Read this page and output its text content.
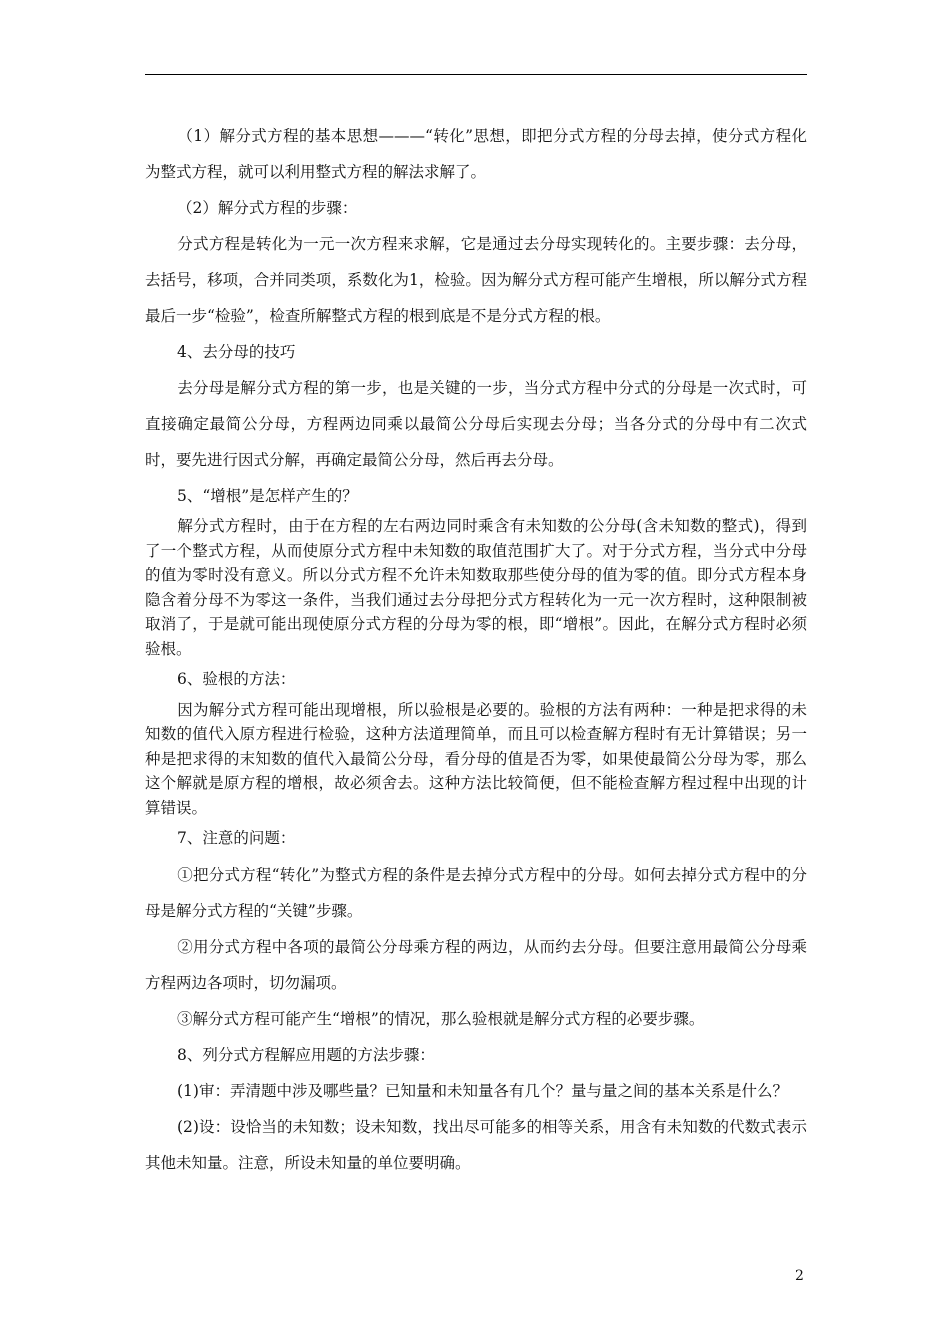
（1）解分式方程的基本思想———“转化”思想，即把分式方程的分母去掉，使分式方程化为整式方程，就可以利用整式方程的解法求解了。

（2）解分式方程的步骤：

分式方程是转化为一元一次方程来求解，它是通过去分母实现转化的。主要步骤：去分母，去括号，移项，合并同类项，系数化为1，检验。因为解分式方程可能产生增根，所以解分式方程最后一步“检验”，检查所解整式方程的根到底是不是分式方程的根。

4、去分母的技巧

去分母是解分式方程的第一步，也是关键的一步，当分式方程中分式的分母是一次式时，可直接确定最简公分母，方程两边同乘以最简公分母后实现去分母；当各分式的分母中有二次式时，要先进行因式分解，再确定最简公分母，然后再去分母。

5、“增根”是怎样产生的？

解分式方程时，由于在方程的左右两边同时乘含有未知数的公分母(含未知数的整式)，得到了一个整式方程，从而使原分式方程中未知数的取值范围扩大了。对于分式方程，当分式中分母的值为零时没有意义。所以分式方程不允许未知数取那些使分母的值为零的值。即分式方程本身隐含着分母不为零这一条件，当我们通过去分母把分式方程转化为一元一次方程时，这种限制被取消了，于是就可能出现使原分式方程的分母为零的根，即“增根”。因此，在解分式方程时必须验根。

6、验根的方法：

因为解分式方程可能出现增根，所以验根是必要的。验根的方法有两种：一种是把求得的未知数的值代入原方程进行检验，这种方法道理简单，而且可以检查解方程时有无计算错误；另一种是把求得的末知数的值代入最简公分母，看分母的值是否为零，如果使最简公分母为零，那么这个解就是原方程的增根，故必须舍去。这种方法比较简便，但不能检查解方程过程中出现的计算错误。

7、注意的问题：

①把分式方程“转化”为整式方程的条件是去掉分式方程中的分母。如何去掉分式方程中的分母是解分式方程的“关键”步骤。

②用分式方程中各项的最简公分母乘方程的两边，从而约去分母。但要注意用最简公分母乘方程两边各项时，切勿漏项。

③解分式方程可能产生“增根”的情况，那么验根就是解分式方程的必要步骤。

8、列分式方程解应用题的方法步骤：

(1)审：弄清题中涉及哪些量？已知量和未知量各有几个？量与量之间的基本关系是什么？

(2)设：设恰当的未知数；设未知数，找出尽可能多的相等关系，用含有未知数的代数式表示其他未知量。注意，所设未知量的单位要明确。

2
